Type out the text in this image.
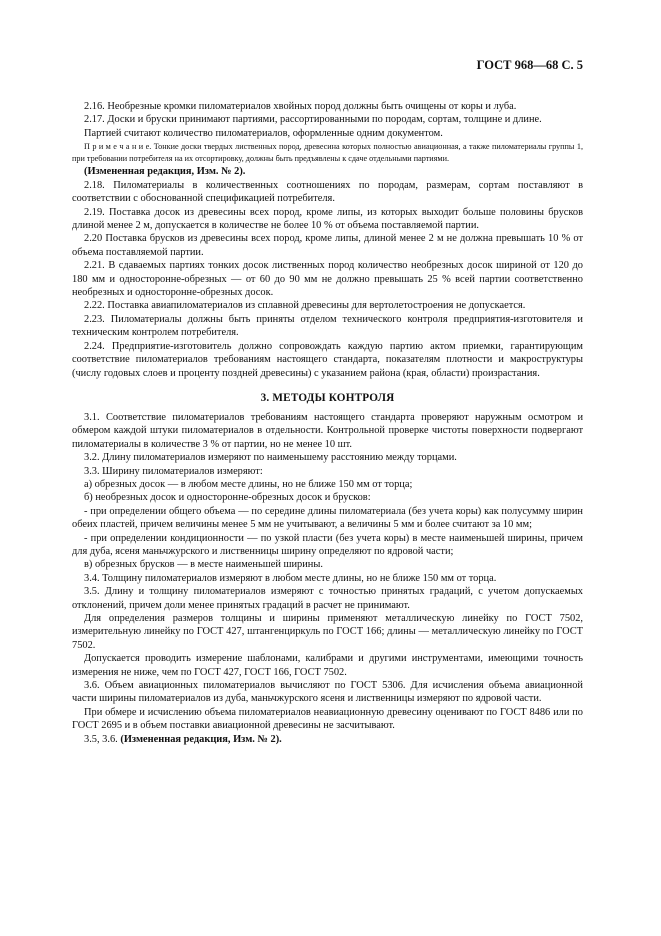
ГОСТ 968—68 С. 5

2.16. Необрезные кромки пиломатериалов хвойных пород должны быть очищены от коры и луба.

2.17. Доски и бруски принимают партиями, рассортированными по породам, сортам, толщине и длине.

Партией считают количество пиломатериалов, оформленные одним документом.

П р и м е ч а н и е. Тонкие доски твердых лиственных пород, древесина которых полностью авиационная, а также пиломатериалы группы 1, при требовании потребителя на их отсортировку, должны быть предъявлены к сдаче отдельными партиями.

(Измененная редакция, Изм. № 2).

2.18. Пиломатериалы в количественных соотношениях по породам, размерам, сортам поставляют в соответствии с обоснованной спецификацией потребителя.

2.19. Поставка досок из древесины всех пород, кроме липы, из которых выходит больше половины брусков длиной менее 2 м, допускается в количестве не более 10 % от объема поставляемой партии.

2.20 Поставка брусков из древесины всех пород, кроме липы, длиной менее 2 м не должна превышать 10 % от объема поставляемой партии.

2.21. В сдаваемых партиях тонких досок лиственных пород количество необрезных досок шириной от 120 до 180 мм и односторонне-обрезных — от 60 до 90 мм не должно превышать 25 % всей партии соответственно необрезных и односторонне-обрезных досок.

2.22. Поставка авиапиломатериалов из сплавной древесины для вертолетостроения не допускается.

2.23. Пиломатериалы должны быть приняты отделом технического контроля предприятия-изготовителя и техническим контролем потребителя.

2.24. Предприятие-изготовитель должно сопровождать каждую партию актом приемки, гарантирующим соответствие пиломатериалов требованиям настоящего стандарта, показателям плотности и макроструктуры (числу годовых слоев и проценту поздней древесины) с указанием района (края, области) произрастания.

3. МЕТОДЫ КОНТРОЛЯ

3.1. Соответствие пиломатериалов требованиям настоящего стандарта проверяют наружным осмотром и обмером каждой штуки пиломатериалов в отдельности. Контрольной проверке чистоты поверхности подвергают пиломатериалы в количестве 3 % от партии, но не менее 10 шт.

3.2. Длину пиломатериалов измеряют по наименьшему расстоянию между торцами.

3.3. Ширину пиломатериалов измеряют:

а) обрезных досок — в любом месте длины, но не ближе 150 мм от торца;

б) необрезных досок и односторонне-обрезных досок и брусков:

- при определении общего объема — по середине длины пиломатериала (без учета коры) как полусумму ширин обеих пластей, причем величины менее 5 мм не учитывают, а величины 5 мм и более считают за 10 мм;

- при определении кондиционности — по узкой пласти (без учета коры) в месте наименьшей ширины, причем для дуба, ясеня маньчжурского и лиственницы ширину определяют по ядровой части;

в) обрезных брусков — в месте наименьшей ширины.

3.4. Толщину пиломатериалов измеряют в любом месте длины, но не ближе 150 мм от торца.

3.5. Длину и толщину пиломатериалов измеряют с точностью принятых градаций, с учетом допускаемых отклонений, причем доли менее принятых градаций в расчет не принимают.

Для определения размеров толщины и ширины применяют металлическую линейку по ГОСТ 7502, измерительную линейку по ГОСТ 427, штангенциркуль по ГОСТ 166; длины — металлическую линейку по ГОСТ 7502.

Допускается проводить измерение шаблонами, калибрами и другими инструментами, имеющими точность измерения не ниже, чем по ГОСТ 427, ГОСТ 166, ГОСТ 7502.

3.6. Объем авиационных пиломатериалов вычисляют по ГОСТ 5306. Для исчисления объема авиационной части ширины пиломатериалов из дуба, маньчжурского ясеня и лиственницы измеряют по ядровой части.

При обмере и исчислению объема пиломатериалов неавиационную древесину оценивают по ГОСТ 8486 или по ГОСТ 2695 и в объем поставки авиационной древесины не засчитывают.

3.5, 3.6. (Измененная редакция, Изм. № 2).
